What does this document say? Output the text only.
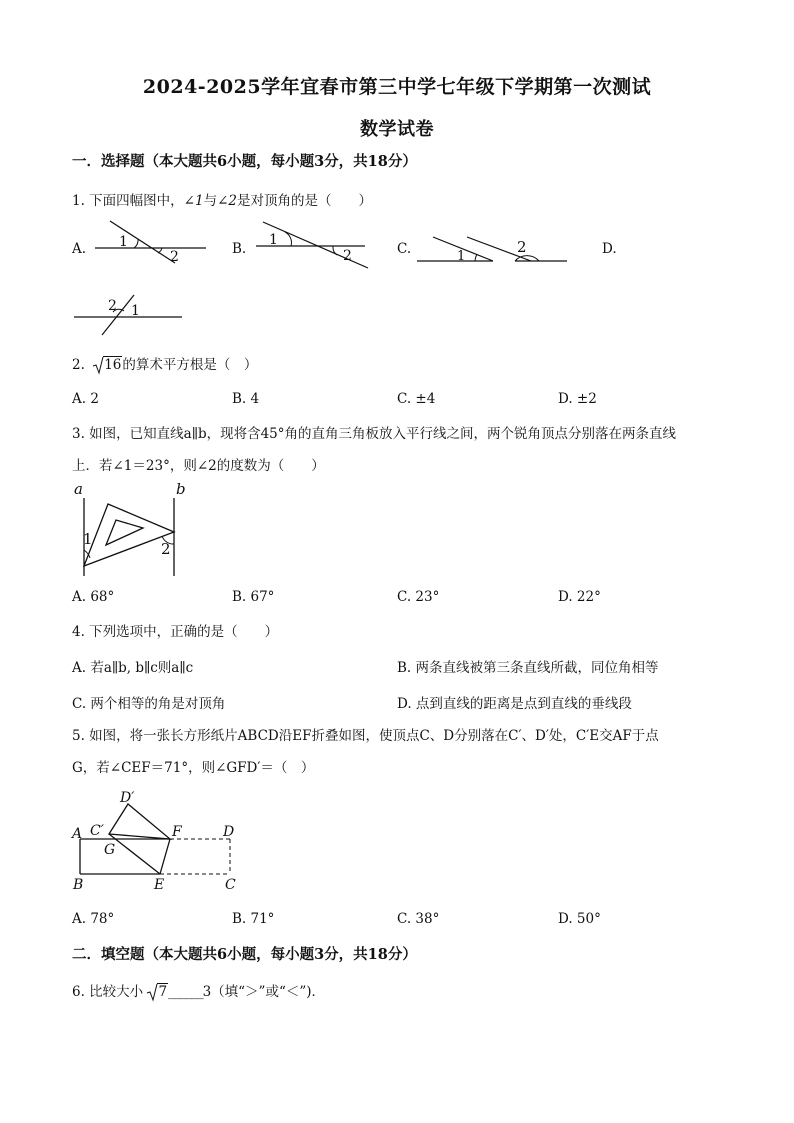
2024-2025学年宜春市第三中学七年级下学期第一次测试
数学试卷
一．选择题（本大题共6小题，每小题3分，共18分）
1. 下面四幅图中，∠1与∠2是对顶角的是（　　）
A.	B.	C.	D.
1
2
1
2	1
2
2 1
2. 16的算术平方根是（　）
A. 2	B. 4	C. ±4	D. ±2
3. 如图，已知直线a∥b，现将含45°角的直角三角板放入平行线之间，两个锐角顶点分别落在两条直线
上．若∠1＝23°，则∠2的度数为（　　）
a	b
1
2
A. 68°	B. 67°	C. 23°	D. 22°
4. 下列选项中，正确的是（　　）
A. 若a∥b, b∥c则a∥c	B. 两条直线被第三条直线所截，同位角相等
C. 两个相等的角是对顶角	D. 点到直线的距离是点到直线的垂线段
5. 如图，将一张长方形纸片ABCD沿EF折叠如图，使顶点C、D分别落在C′、D′处，C′E交AF于点
G，若∠CEF＝71°，则∠GFD′＝（　）
D′
A C′	F	D
G
B	E	C
A. 78°	B. 71°	C. 38°	D. 50°
二．填空题（本大题共6小题，每小题3分，共18分）
6. 比较大小 7______3（填“＞”或“＜”)．
